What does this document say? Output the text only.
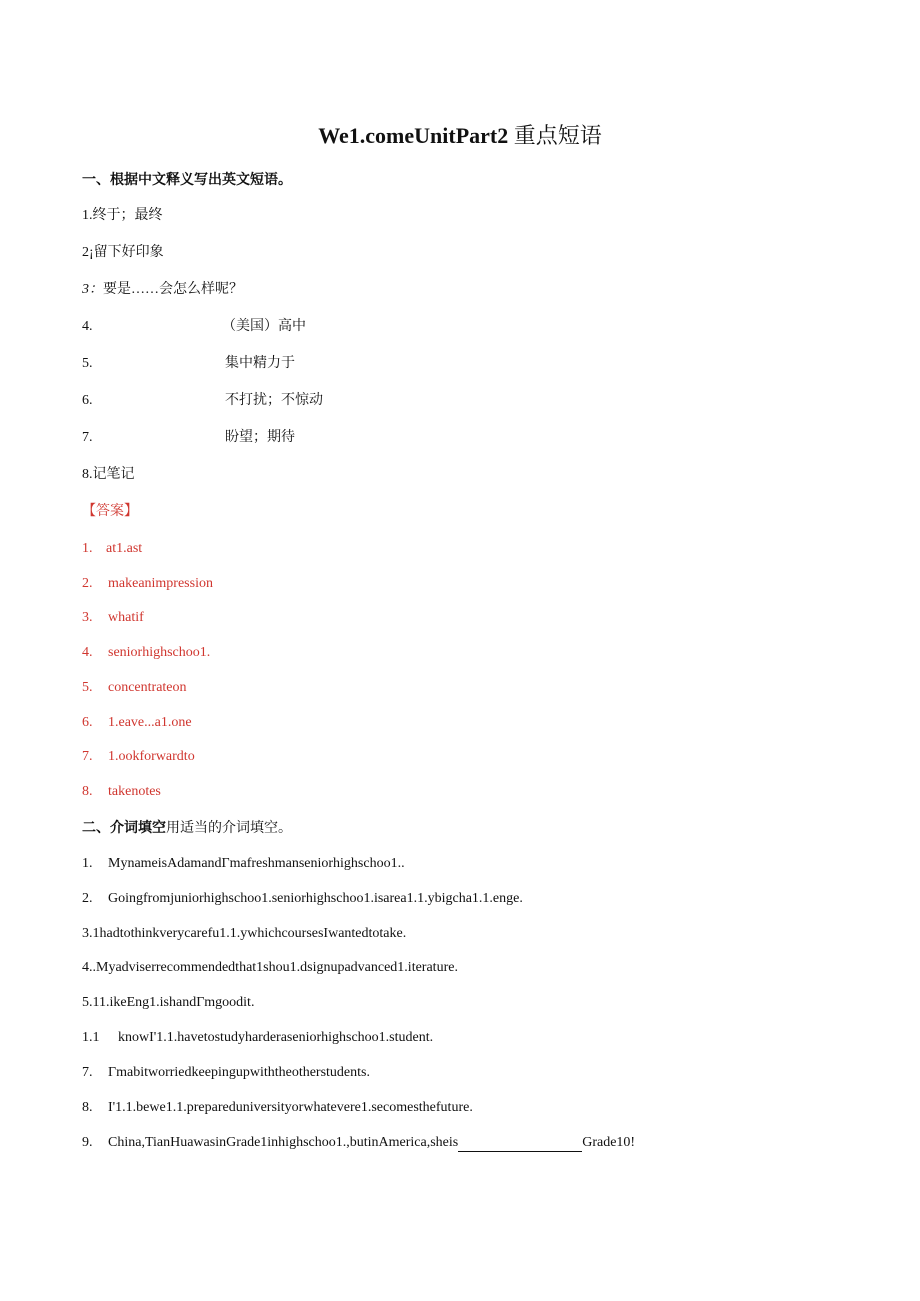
We1.comeUnitPart2 重点短语
一、根据中文释义写出英文短语。
1.终于；最终
2¡留下好印象
3：要是……会怎么样呢？
4.	（美国）高中
5.	集中精力于
6.	不打扰；不惊动
7.	盼望；期待
8.记笔记
【答案】
1. at1.ast
2. makeanimpression
3. whatif
4. seniorhighschoo1.
5. concentrateon
6. 1.eave...a1.one
7. 1.ookforwardto
8. takenotes
二、介词填空用适当的介词填空。
1. MynameisAdamandΓmafreshmanseniorhighschoo1..
2. Goingfromjuniorhighschoo1.seniorhighschoo1.isarea1.1.ybigcha1.1.enge.
3.1hadtothinkverycarefu1.1.ywhichcoursesIwantedtotake.
4..Myadviserrecommendedthat1shou1.dsignupadvanced1.iterature.
5.11.ikeEng1.ishandΓmgoodit.
1.1 knowI'1.1.havetostudyharderaseniorhighschoo1.student.
7. Γmabitworriedkeepingupwiththeotherstudents.
8. I'1.1.bewe1.1.prepareduniversityorwhatevere1.secomesthefuture.
9. China,TianHuawasinGrade1inhighschoo1.,butinAmerica,sheis	Grade10!
